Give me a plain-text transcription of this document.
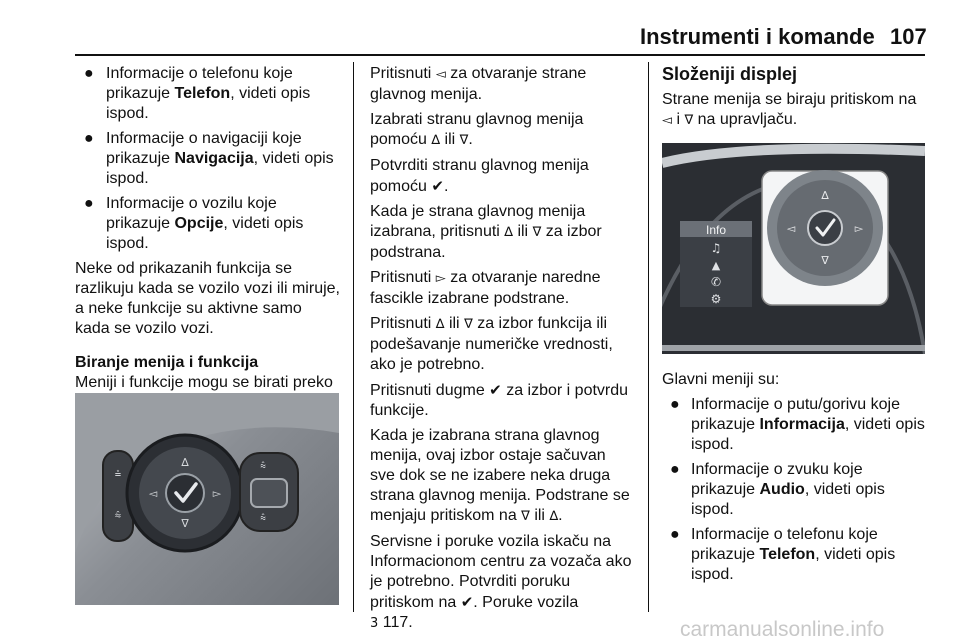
Instrumenti i komande 107
● Informacije o telefonu koje prikazuje Telefon, videti opis ispod.
● Informacije o navigaciji koje prikazuje Navigacija, videti opis ispod.
● Informacije o vozilu koje prikazuje Opcije, videti opis ispod.

Neke od prikazanih funkcija se razlikuju kada se vozilo vozi ili miruje, a neke funkcije su aktivne samo kada se vozilo vozi.

Biranje menija i funkcija

Meniji i funkcije mogu se birati preko

⩮
⩯
∆
∇
◅	▻
⩯
⩯

Pritisnuti ◅ za otvaranje strane glavnog menija.

Izabrati stranu glavnog menija pomoću ∆ ili ∇.

Potvrditi stranu glavnog menija pomoću ✔.

Kada je strana glavnog menija izabrana, pritisnuti ∆ ili ∇ za izbor podstrana.

Pritisnuti ▻ za otvaranje naredne fascikle izabrane podstrane.

Pritisnuti ∆ ili ∇ za izbor funkcija ili podešavanje numeričke vrednosti, ako je potrebno.

Pritisnuti dugme ✔ za izbor i potvrdu funkcije.

Kada je izabrana strana glavnog menija, ovaj izbor ostaje sačuvan sve dok se ne izabere neka druga strana glavnog menija. Podstrane se menjaju pritiskom na ∇ ili ∆.

Servisne i poruke vozila iskaču na Informacionom centru za vozača ako je potrebno. Potvrditi poruku pritiskom na ✔. Poruke vozila
3 117.

Složeniji displej

Strane menija se biraju pritiskom na ◅ i ∇ na upravljaču.

Info
♫
▲
✆
⚙
∆
∇
◅	▻

Glavni meniji su:

● Informacije o putu/gorivu koje prikazuje Informacija, videti opis ispod.
● Informacije o zvuku koje prikazuje Audio, videti opis ispod.
● Informacije o telefonu koje prikazuje Telefon, videti opis ispod.
carmanualsonline.info
